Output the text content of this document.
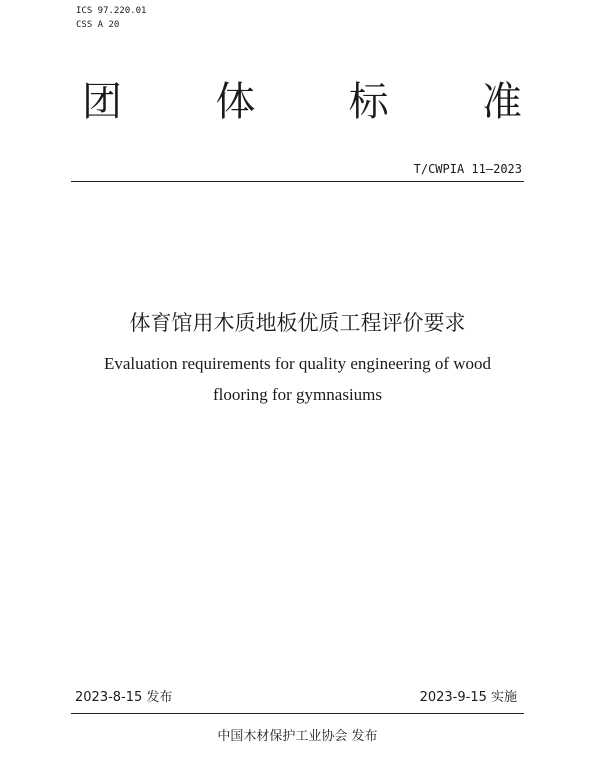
ICS 97.220.01
CSS A 20
团 体 标 准
T/CWPIA 11—2023
体育馆用木质地板优质工程评价要求
Evaluation requirements for quality engineering of wood
flooring for gymnasiums
2023-8-15 发布	2023-9-15 实施
中国木材保护工业协会 发布
